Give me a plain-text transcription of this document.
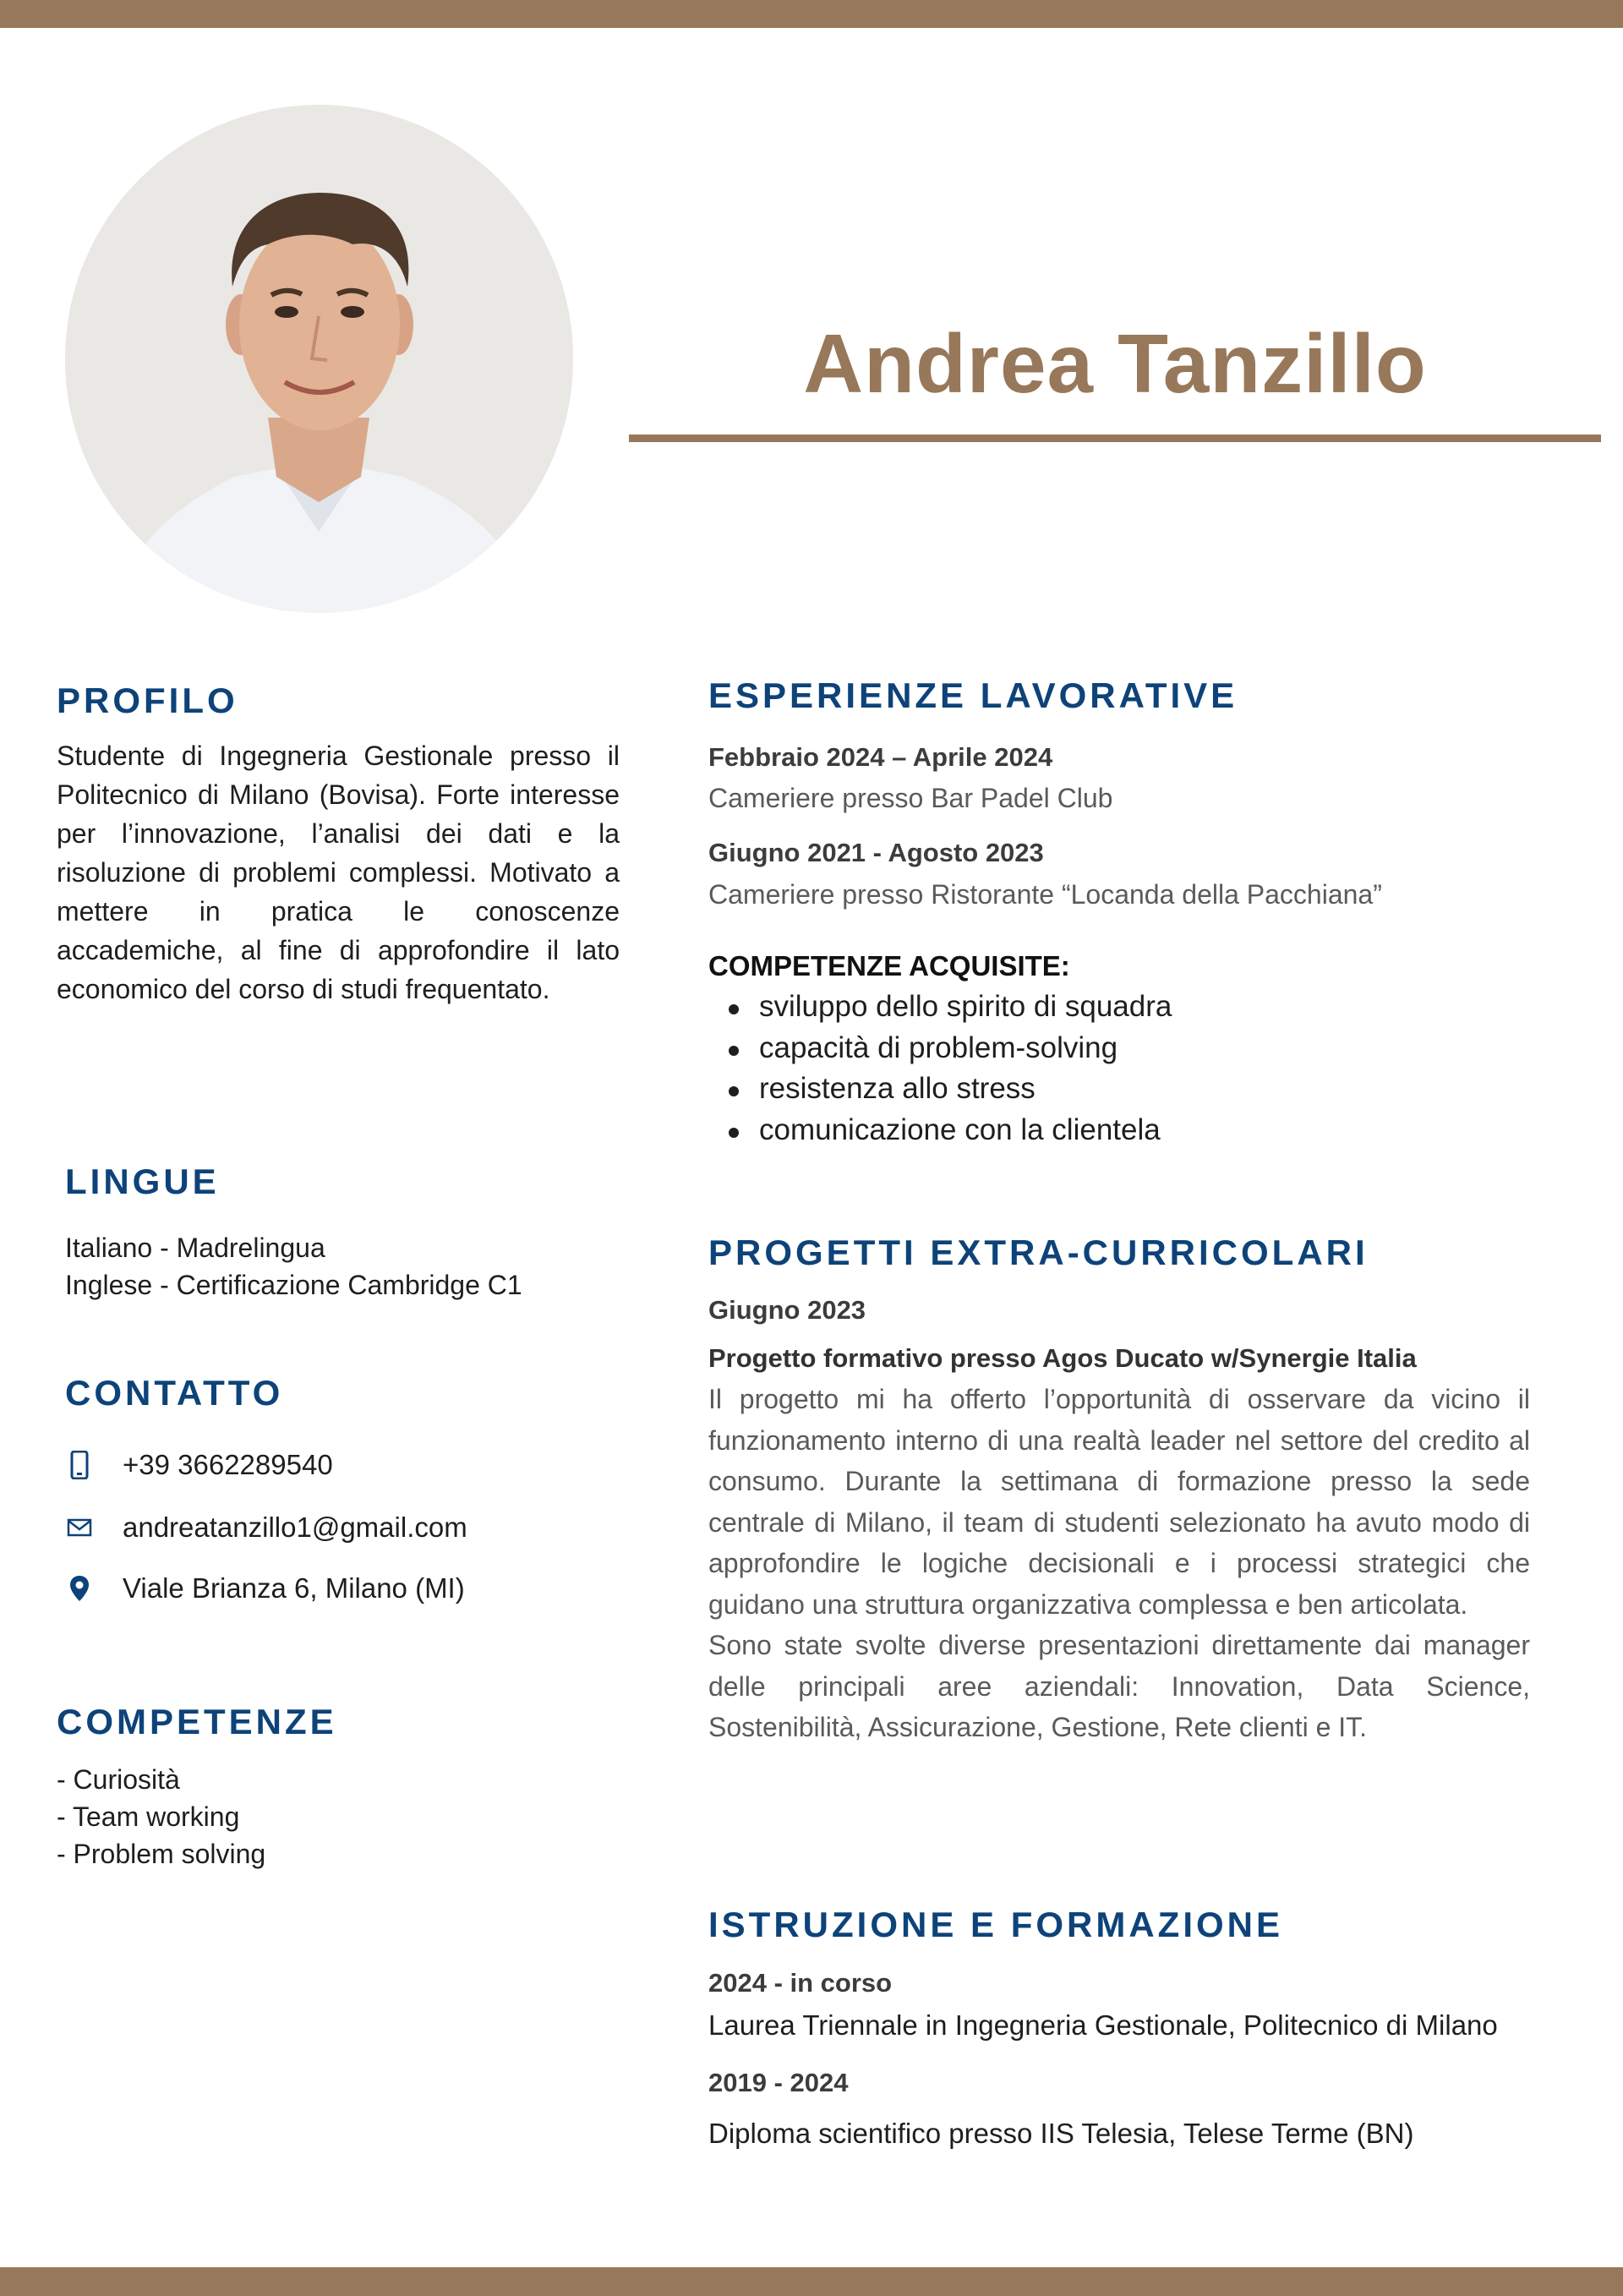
Andrea Tanzillo
PROFILO
Studente di Ingegneria Gestionale presso il Politecnico di Milano (Bovisa). Forte interesse per l’innovazione, l’analisi dei dati e la risoluzione di problemi complessi. Motivato a mettere in pratica le conoscenze accademiche, al fine di approfondire il lato economico del corso di studi frequentato.
LINGUE
Italiano - Madrelingua
Inglese - Certificazione Cambridge C1
CONTATTO
+39 3662289540
andreatanzillo1@gmail.com
Viale Brianza 6, Milano (MI)
COMPETENZE
- Curiosità
- Team working
- Problem solving
ESPERIENZE LAVORATIVE
Febbraio 2024 – Aprile 2024
Cameriere presso Bar Padel Club
Giugno 2021 - Agosto 2023
Cameriere presso Ristorante “Locanda della Pacchiana”
COMPETENZE ACQUISITE:
sviluppo dello spirito di squadra
capacità di problem-solving
resistenza allo stress
comunicazione con la clientela
PROGETTI EXTRA-CURRICOLARI
Giugno 2023
Progetto formativo presso Agos Ducato w/Synergie Italia

Il progetto mi ha offerto l’opportunità di osservare da vicino il funzionamento interno di una realtà leader nel settore del credito al consumo. Durante la settimana di formazione presso la sede centrale di Milano, il team di studenti selezionato ha avuto modo di approfondire le logiche decisionali e i processi strategici che guidano una struttura organizzativa complessa e ben articolata.

Sono state svolte diverse presentazioni direttamente dai manager delle principali aree aziendali: Innovation, Data Science, Sostenibilità, Assicurazione, Gestione, Rete clienti e IT.

ISTRUZIONE E FORMAZIONE
2024 - in corso
Laurea Triennale in Ingegneria Gestionale, Politecnico di Milano
2019 - 2024
Diploma scientifico presso IIS Telesia, Telese Terme (BN)
